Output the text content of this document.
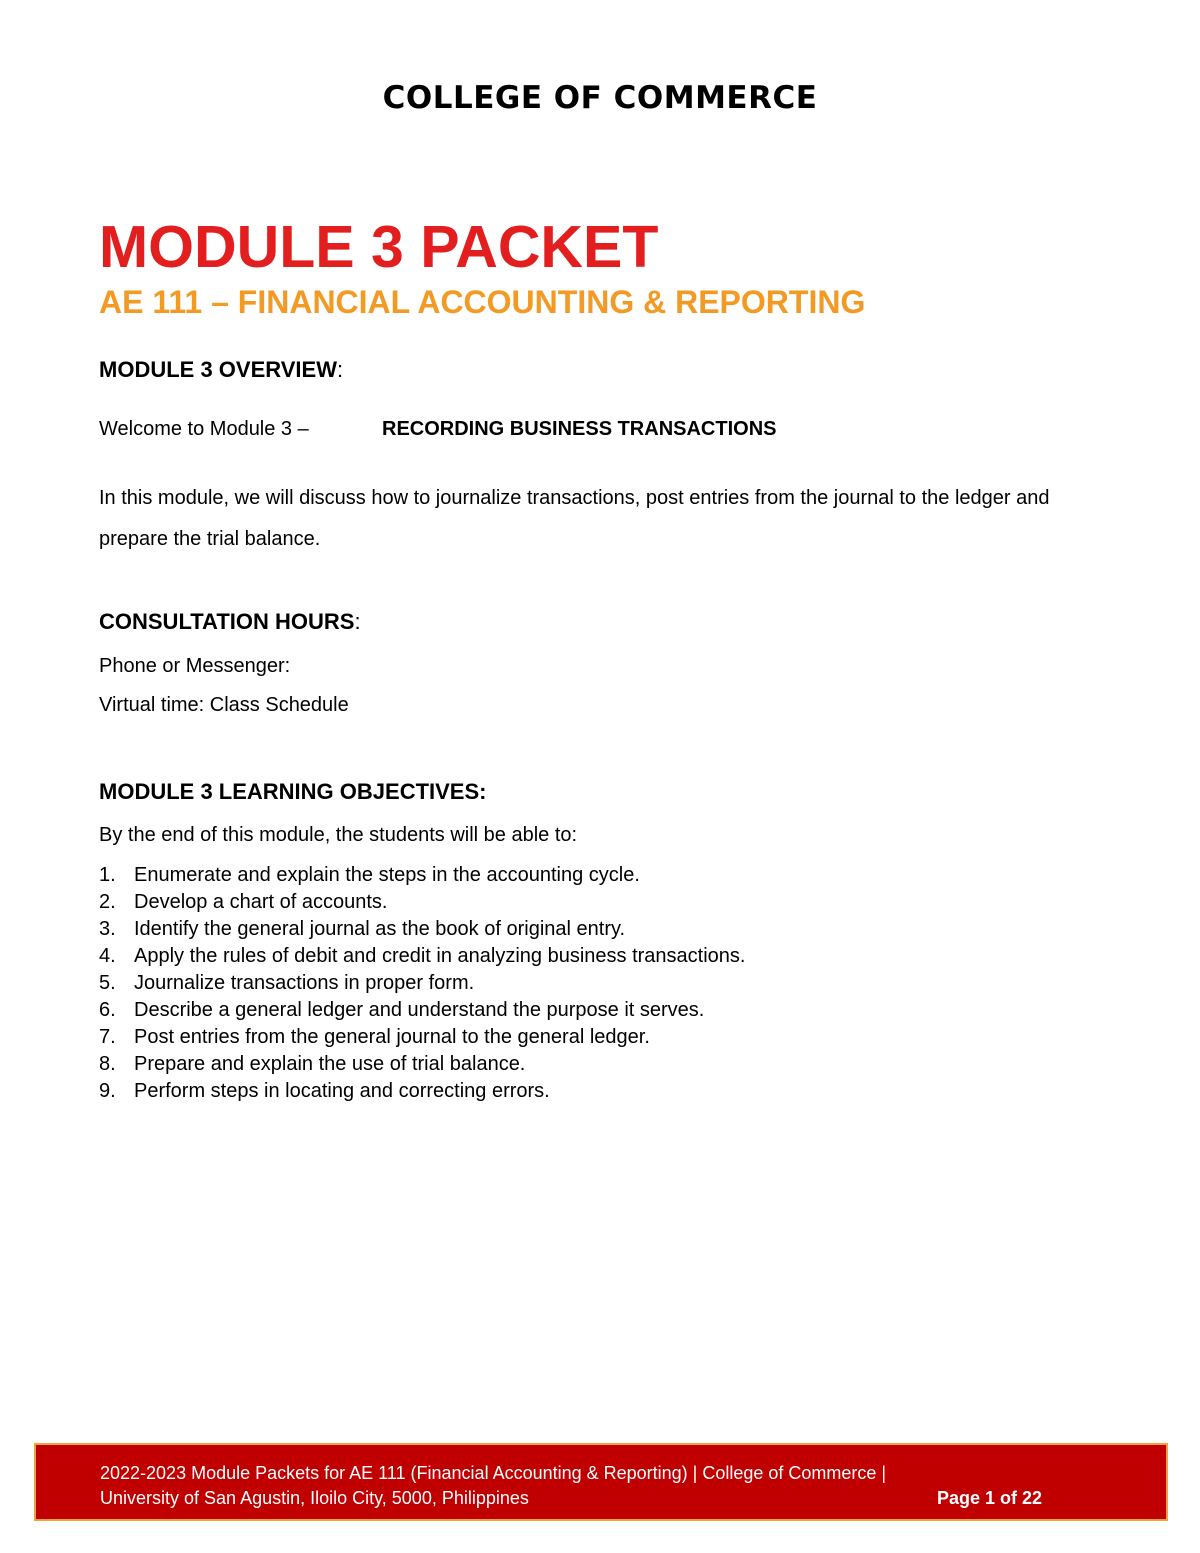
COLLEGE OF COMMERCE
MODULE 3 PACKET
AE 111 – FINANCIAL ACCOUNTING & REPORTING
MODULE 3 OVERVIEW:
Welcome to Module 3 –	RECORDING BUSINESS TRANSACTIONS
In this module, we will discuss how to journalize transactions, post entries from the journal to the ledger and prepare the trial balance.
CONSULTATION HOURS:
Phone or Messenger:
Virtual time: Class Schedule
MODULE 3 LEARNING OBJECTIVES:
By the end of this module, the students will be able to:
1. Enumerate and explain the steps in the accounting cycle.
2. Develop a chart of accounts.
3. Identify the general journal as the book of original entry.
4. Apply the rules of debit and credit in analyzing business transactions.
5. Journalize transactions in proper form.
6. Describe a general ledger and understand the purpose it serves.
7. Post entries from the general journal to the general ledger.
8. Prepare and explain the use of trial balance.
9. Perform steps in locating and correcting errors.
2022-2023 Module Packets for AE 111 (Financial Accounting & Reporting) | College of Commerce |
University of San Agustin, Iloilo City, 5000, Philippines	Page 1 of 22
